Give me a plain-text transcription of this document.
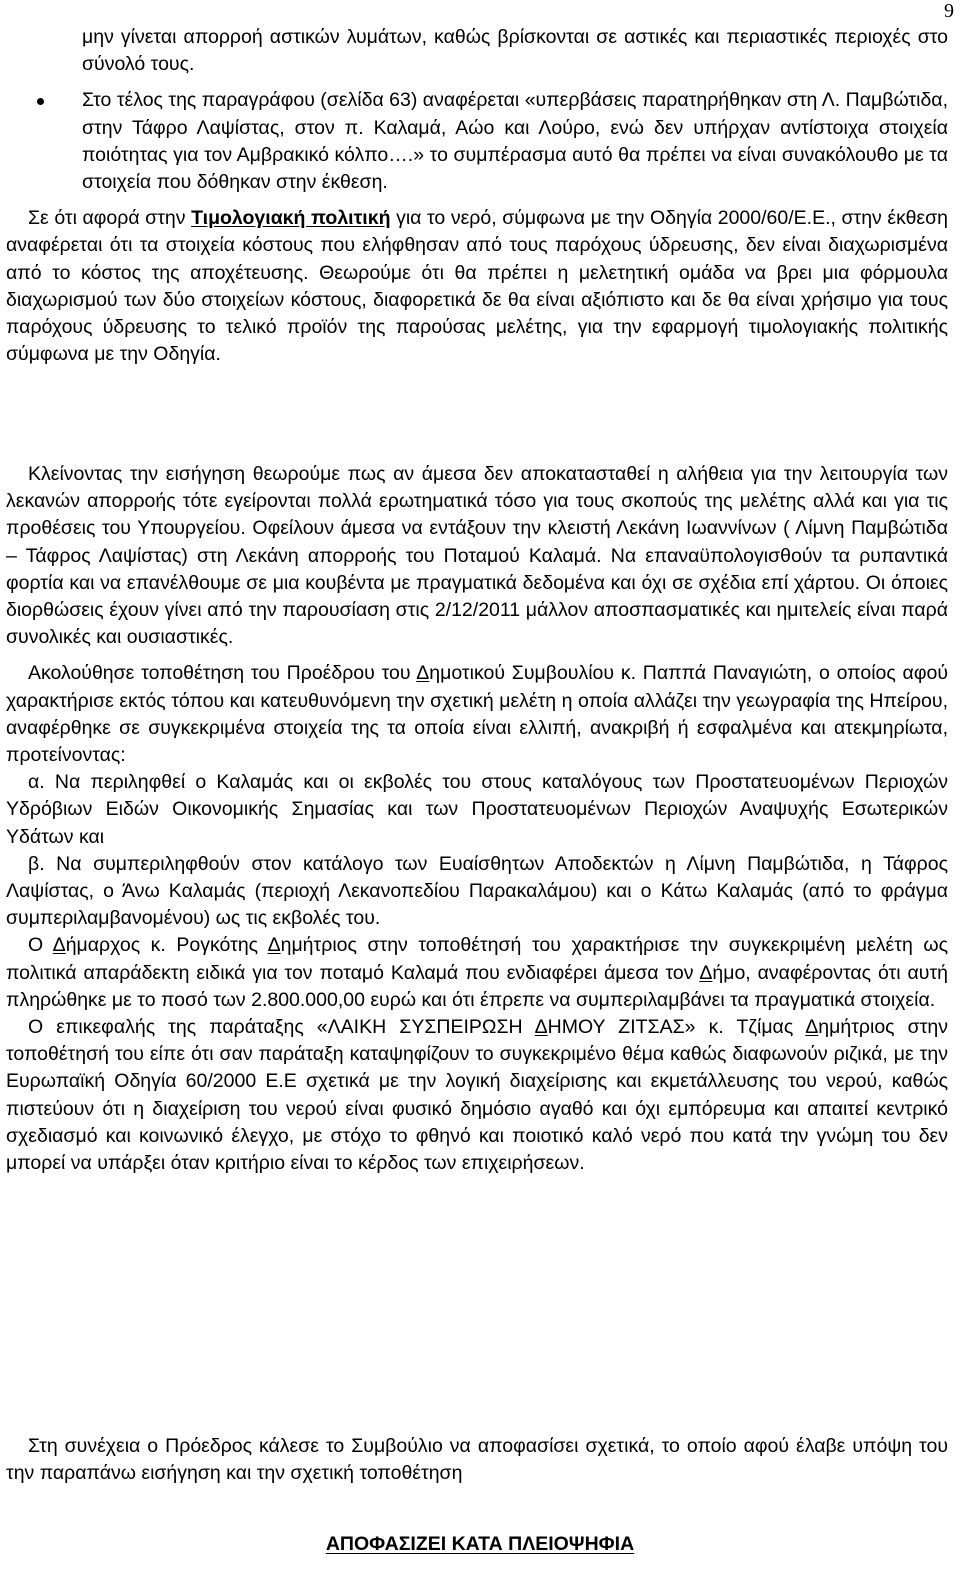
9

μην γίνεται απορροή αστικών λυμάτων, καθώς βρίσκονται σε αστικές και περιαστικές περιοχές στο σύνολό τους.

Στο τέλος της παραγράφου (σελίδα 63) αναφέρεται «υπερβάσεις παρατηρήθηκαν στη Λ. Παμβώτιδα, στην Τάφρο Λαψίστας, στον π. Καλαμά, Αώο και Λούρο, ενώ δεν υπήρχαν αντίστοιχα στοιχεία ποιότητας για τον Αμβρακικό κόλπο….» το συμπέρασμα αυτό θα πρέπει να είναι συνακόλουθο με τα στοιχεία που δόθηκαν στην έκθεση.

Σε ότι αφορά στην Τιμολογιακή πολιτική για το νερό, σύμφωνα με την Οδηγία 2000/60/Ε.Ε., στην έκθεση αναφέρεται ότι τα στοιχεία κόστους που ελήφθησαν από τους παρόχους ύδρευσης, δεν είναι διαχωρισμένα από το κόστος της αποχέτευσης. Θεωρούμε ότι θα πρέπει η μελετητική ομάδα να βρει μια φόρμουλα διαχωρισμού των δύο στοιχείων κόστους, διαφορετικά δε θα είναι αξιόπιστο και δε θα είναι χρήσιμο για τους παρόχους ύδρευσης το τελικό προϊόν της παρούσας μελέτης, για την εφαρμογή τιμολογιακής πολιτικής σύμφωνα με την Οδηγία.

Κλείνοντας την εισήγηση θεωρούμε πως αν άμεσα δεν αποκατασταθεί η αλήθεια για την λειτουργία των λεκανών απορροής τότε εγείρονται πολλά ερωτηματικά τόσο για τους σκοπούς της μελέτης αλλά και για τις προθέσεις του Υπουργείου. Οφείλουν άμεσα να εντάξουν την κλειστή Λεκάνη Ιωαννίνων ( Λίμνη Παμβώτιδα – Τάφρος Λαψίστας) στη Λεκάνη απορροής του Ποταμού Καλαμά. Να επαναϋπολογισθούν τα ρυπαντικά φορτία και να επανέλθουμε σε μια κουβέντα με πραγματικά δεδομένα και όχι σε σχέδια επί χάρτου. Οι όποιες διορθώσεις έχουν γίνει από την παρουσίαση στις 2/12/2011 μάλλον αποσπασματικές και ημιτελείς είναι παρά συνολικές και ουσιαστικές.

Ακολούθησε τοποθέτηση του Προέδρου του Δημοτικού Συμβουλίου κ. Παππά Παναγιώτη, ο οποίος αφού χαρακτήρισε εκτός τόπου και κατευθυνόμενη την σχετική μελέτη η οποία αλλάζει την γεωγραφία της Ηπείρου, αναφέρθηκε σε συγκεκριμένα στοιχεία της τα οποία είναι ελλιπή, ανακριβή ή εσφαλμένα και ατεκμηρίωτα, προτείνοντας:

α. Να περιληφθεί ο Καλαμάς και οι εκβολές του στους καταλόγους των Προστατευομένων Περιοχών Υδρόβιων Ειδών Οικονομικής Σημασίας και των Προστατευομένων Περιοχών Αναψυχής Εσωτερικών Υδάτων και

β. Να συμπεριληφθούν στον κατάλογο των Ευαίσθητων Αποδεκτών η Λίμνη Παμβώτιδα, η Τάφρος Λαψίστας, ο Άνω Καλαμάς (περιοχή Λεκανοπεδίου Παρακαλάμου) και ο Κάτω Καλαμάς (από το φράγμα συμπεριλαμβανομένου) ως τις εκβολές του.

Ο Δήμαρχος κ. Ρογκότης Δημήτριος στην τοποθέτησή του χαρακτήρισε την συγκεκριμένη μελέτη ως πολιτικά απαράδεκτη ειδικά για τον ποταμό Καλαμά που ενδιαφέρει άμεσα τον Δήμο, αναφέροντας ότι αυτή πληρώθηκε με το ποσό των 2.800.000,00 ευρώ και ότι έπρεπε να συμπεριλαμβάνει τα πραγματικά στοιχεία.

Ο επικεφαλής της παράταξης «ΛΑΙΚΗ ΣΥΣΠΕΙΡΩΣΗ ΔΗΜΟΥ ΖΙΤΣΑΣ» κ. Τζίμας Δημήτριος στην τοποθέτησή του είπε ότι σαν παράταξη καταψηφίζουν το συγκεκριμένο θέμα καθώς διαφωνούν ριζικά, με την Ευρωπαϊκή Οδηγία 60/2000 Ε.Ε σχετικά με την λογική διαχείρισης και εκμετάλλευσης του νερού, καθώς πιστεύουν ότι η διαχείριση του νερού είναι φυσικό δημόσιο αγαθό και όχι εμπόρευμα και απαιτεί κεντρικό σχεδιασμό και κοινωνικό έλεγχο, με στόχο το φθηνό και ποιοτικό καλό νερό που κατά την γνώμη του δεν μπορεί να υπάρξει όταν κριτήριο είναι το κέρδος των επιχειρήσεων.

Στη συνέχεια ο Πρόεδρος κάλεσε το Συμβούλιο να αποφασίσει σχετικά, το οποίο αφού έλαβε υπόψη του την παραπάνω εισήγηση και την σχετική τοποθέτηση

ΑΠΟΦΑΣΙΖΕΙ ΚΑΤΑ ΠΛΕΙΟΨΗΦΙΑ
